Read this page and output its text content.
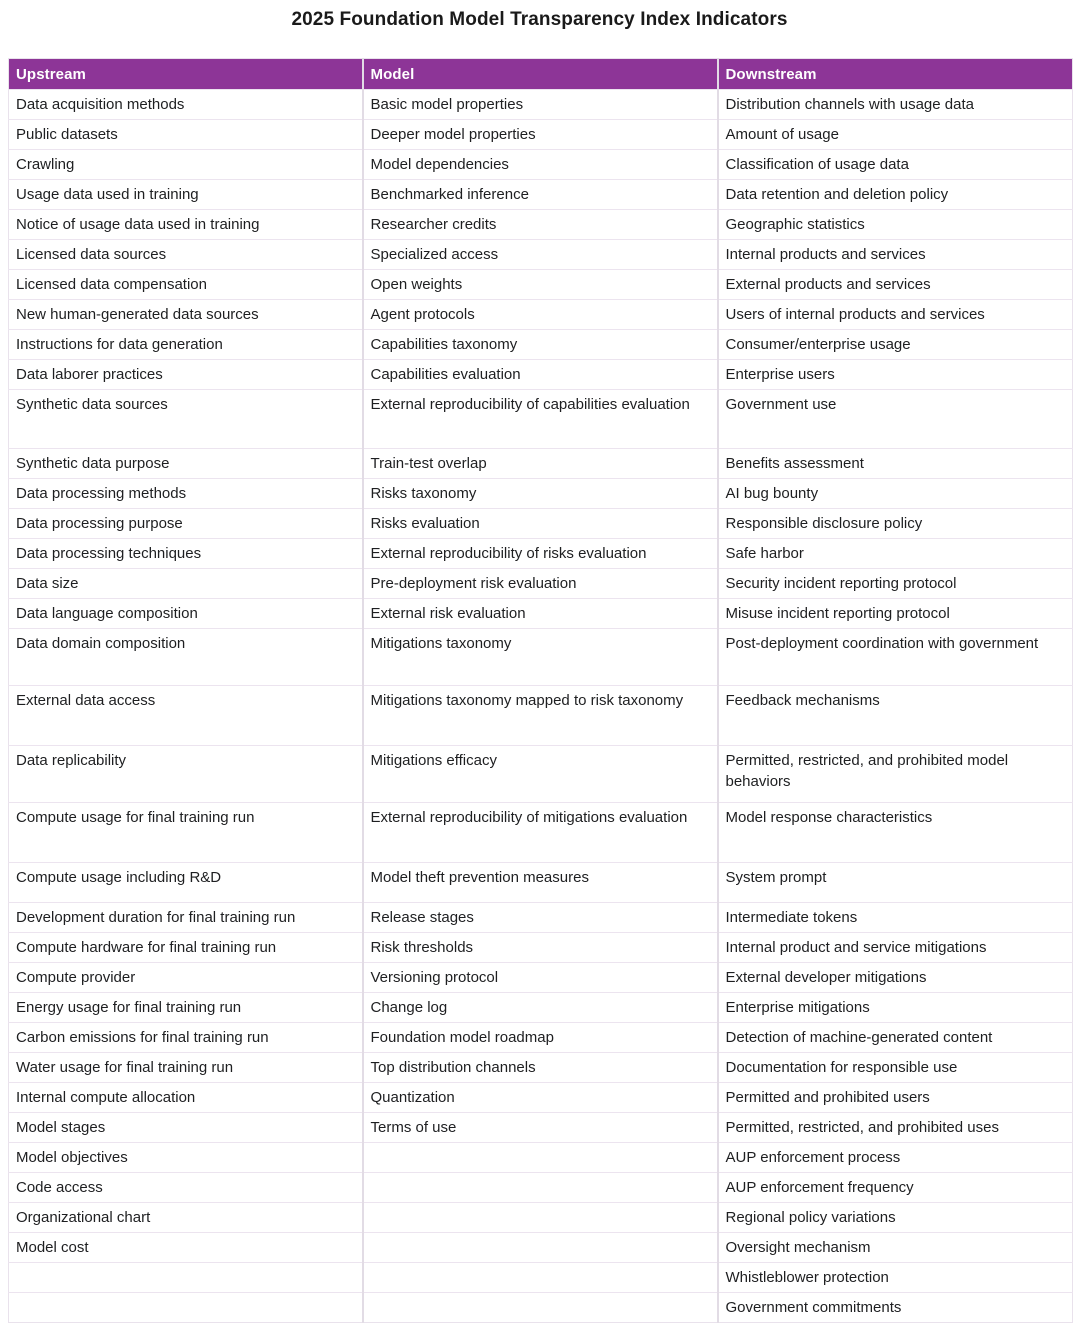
2025 Foundation Model Transparency Index Indicators
Upstream	Model	Downstream
Data acquisition methods	Basic model properties	Distribution channels with usage data
Public datasets	Deeper model properties	Amount of usage
Crawling	Model dependencies	Classification of usage data
Usage data used in training	Benchmarked inference	Data retention and deletion policy
Notice of usage data used in training	Researcher credits	Geographic statistics
Licensed data sources	Specialized access	Internal products and services
Licensed data compensation	Open weights	External products and services
New human-generated data sources	Agent protocols	Users of internal products and services
Instructions for data generation	Capabilities taxonomy	Consumer/enterprise usage
Data laborer practices	Capabilities evaluation	Enterprise users
Synthetic data sources	External reproducibility of capabilities evaluation	Government use
Synthetic data purpose	Train-test overlap	Benefits assessment
Data processing methods	Risks taxonomy	AI bug bounty
Data processing purpose	Risks evaluation	Responsible disclosure policy
Data processing techniques	External reproducibility of risks evaluation	Safe harbor
Data size	Pre-deployment risk evaluation	Security incident reporting protocol
Data language composition	External risk evaluation	Misuse incident reporting protocol
Data domain composition	Mitigations taxonomy	Post-deployment coordination with government
External data access	Mitigations taxonomy mapped to risk taxonomy	Feedback mechanisms
Data replicability	Mitigations efficacy	Permitted, restricted, and prohibited model behaviors
Compute usage for final training run	External reproducibility of mitigations evaluation	Model response characteristics
Compute usage including R&D	Model theft prevention measures	System prompt
Development duration for final training run	Release stages	Intermediate tokens
Compute hardware for final training run	Risk thresholds	Internal product and service mitigations
Compute provider	Versioning protocol	External developer mitigations
Energy usage for final training run	Change log	Enterprise mitigations
Carbon emissions for final training run	Foundation model roadmap	Detection of machine-generated content
Water usage for final training run	Top distribution channels	Documentation for responsible use
Internal compute allocation	Quantization	Permitted and prohibited users
Model stages	Terms of use	Permitted, restricted, and prohibited uses
Model objectives		AUP enforcement process
Code access		AUP enforcement frequency
Organizational chart		Regional policy variations
Model cost		Oversight mechanism
		Whistleblower protection
		Government commitments
